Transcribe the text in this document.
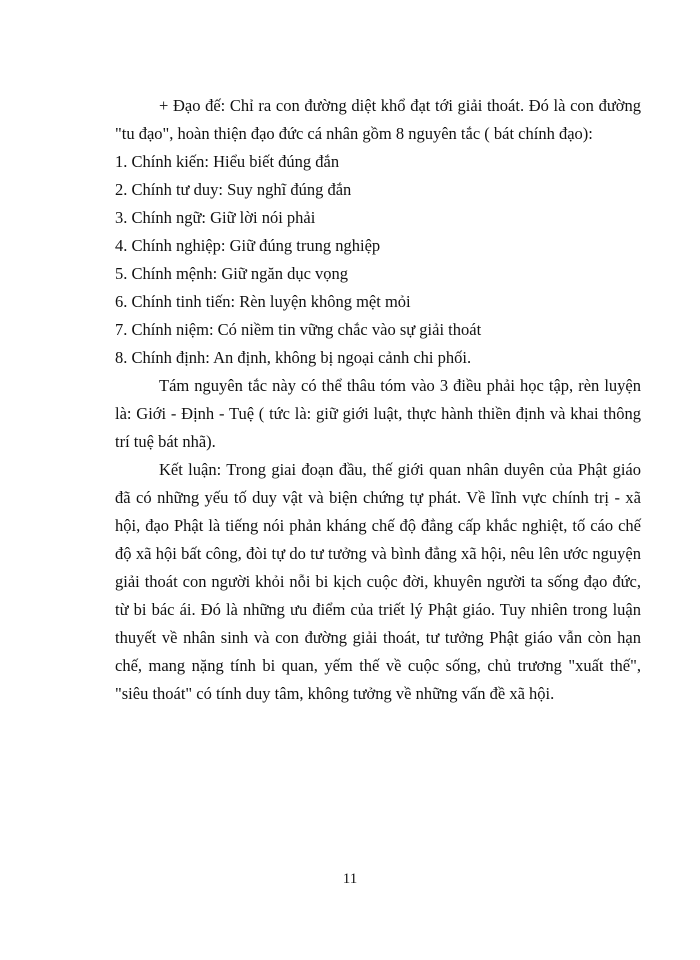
+ Đạo đế: Chỉ ra con đường diệt khổ đạt tới giải thoát. Đó là con đường "tu đạo", hoàn thiện đạo đức cá nhân gồm 8 nguyên tắc ( bát chính đạo):

1. Chính kiến: Hiểu biết đúng đắn
2. Chính tư duy: Suy nghĩ đúng đắn
3. Chính ngữ: Giữ lời nói phải
4. Chính nghiệp: Giữ đúng trung nghiệp
5. Chính mệnh: Giữ ngăn dục vọng
6. Chính tinh tiến: Rèn luyện không mệt mỏi
7. Chính niệm: Có niềm tin vững chắc vào sự giải thoát
8. Chính định: An định, không bị ngoại cảnh chi phối.

Tám nguyên tắc này có thể thâu tóm vào 3 điều phải học tập, rèn luyện là: Giới - Định - Tuệ ( tức là: giữ giới luật, thực hành thiền định và khai thông trí tuệ bát nhã).

Kết luận: Trong giai đoạn đầu, thế giới quan nhân duyên của Phật giáo đã có những yếu tố duy vật và biện chứng tự phát. Về lĩnh vực chính trị - xã hội, đạo Phật là tiếng nói phản kháng chế độ đẳng cấp khắc nghiệt, tố cáo chế độ xã hội bất công, đòi tự do tư tưởng và bình đẳng xã hội, nêu lên ước nguyện giải thoát con người khỏi nỗi bi kịch cuộc đời, khuyên người ta sống đạo đức, từ bi bác ái. Đó là những ưu điểm của triết lý Phật giáo. Tuy nhiên trong luận thuyết về nhân sinh và con đường giải thoát, tư tưởng Phật giáo vẫn còn hạn chế, mang nặng tính bi quan, yếm thế về cuộc sống, chủ trương "xuất thế", "siêu thoát" có tính duy tâm, không tưởng về những vấn đề xã hội.

11
